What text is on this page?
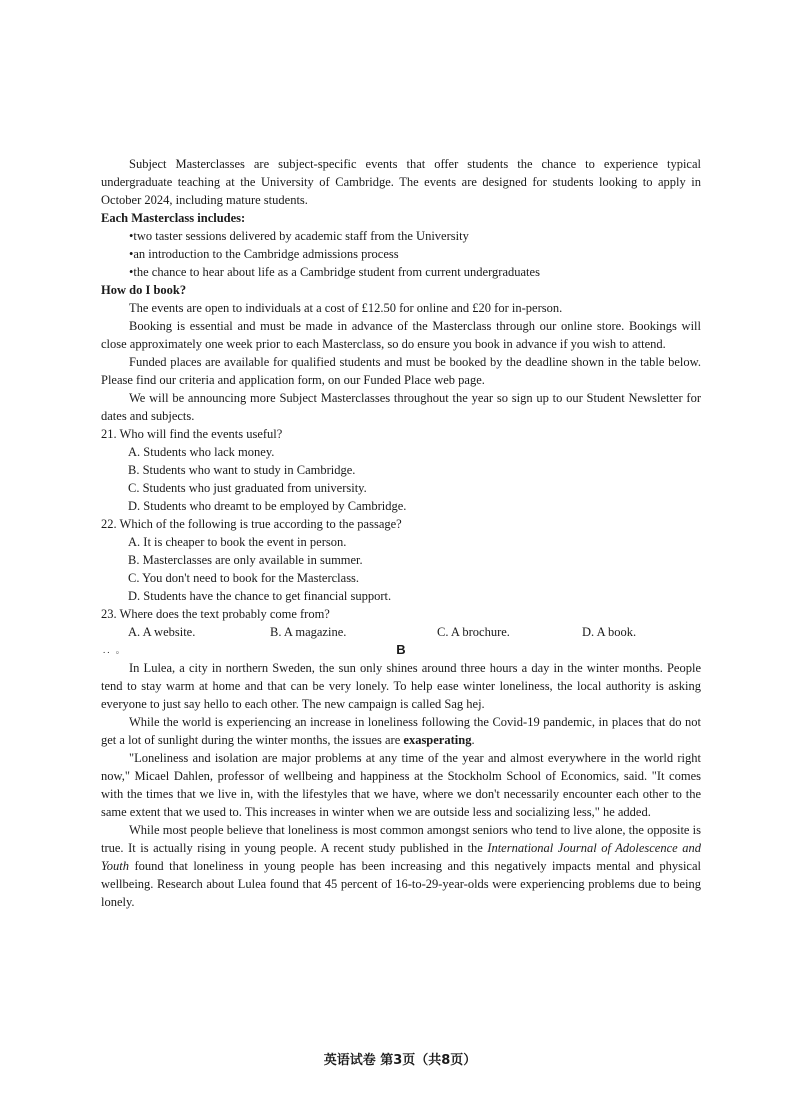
Subject Masterclasses are subject-specific events that offer students the chance to experience typical undergraduate teaching at the University of Cambridge. The events are designed for students looking to apply in October 2024, including mature students.

Each Masterclass includes:

•two taster sessions delivered by academic staff from the University

•an introduction to the Cambridge admissions process

•the chance to hear about life as a Cambridge student from current undergraduates

How do I book?

The events are open to individuals at a cost of £12.50 for online and £20 for in-person.

Booking is essential and must be made in advance of the Masterclass through our online store. Bookings will close approximately one week prior to each Masterclass, so do ensure you book in advance if you wish to attend.

Funded places are available for qualified students and must be booked by the deadline shown in the table below. Please find our criteria and application form, on our Funded Place web page.

We will be announcing more Subject Masterclasses throughout the year so sign up to our Student Newsletter for dates and subjects.

21. Who will find the events useful?

A. Students who lack money.

B. Students who want to study in Cambridge.

C. Students who just graduated from university.

D. Students who dreamt to be employed by Cambridge.

22. Which of the following is true according to the passage?

A. It is cheaper to book the event in person.

B. Masterclasses are only available in summer.

C. You don't need to book for the Masterclass.

D. Students have the chance to get financial support.

23. Where does the text probably come from?

A. A website.	B. A magazine.	C. A brochure.	D. A book.
.. 。	B

In Lulea, a city in northern Sweden, the sun only shines around three hours a day in the winter months. People tend to stay warm at home and that can be very lonely. To help ease winter loneliness, the local authority is asking everyone to just say hello to each other. The new campaign is called Sag hej.

While the world is experiencing an increase in loneliness following the Covid-19 pandemic, in places that do not get a lot of sunlight during the winter months, the issues are exasperating.

"Loneliness and isolation are major problems at any time of the year and almost everywhere in the world right now," Micael Dahlen, professor of wellbeing and happiness at the Stockholm School of Economics, said. "It comes with the times that we live in, with the lifestyles that we have, where we don't necessarily encounter each other to the same extent that we used to. This increases in winter when we are outside less and socializing less," he added.

While most people believe that loneliness is most common amongst seniors who tend to live alone, the opposite is true. It is actually rising in young people. A recent study published in the International Journal of Adolescence and Youth found that loneliness in young people has been increasing and this negatively impacts mental and physical wellbeing. Research about Lulea found that 45 percent of 16-to-29-year-olds were experiencing problems due to being lonely.

英语试卷 第3页（共8页）
